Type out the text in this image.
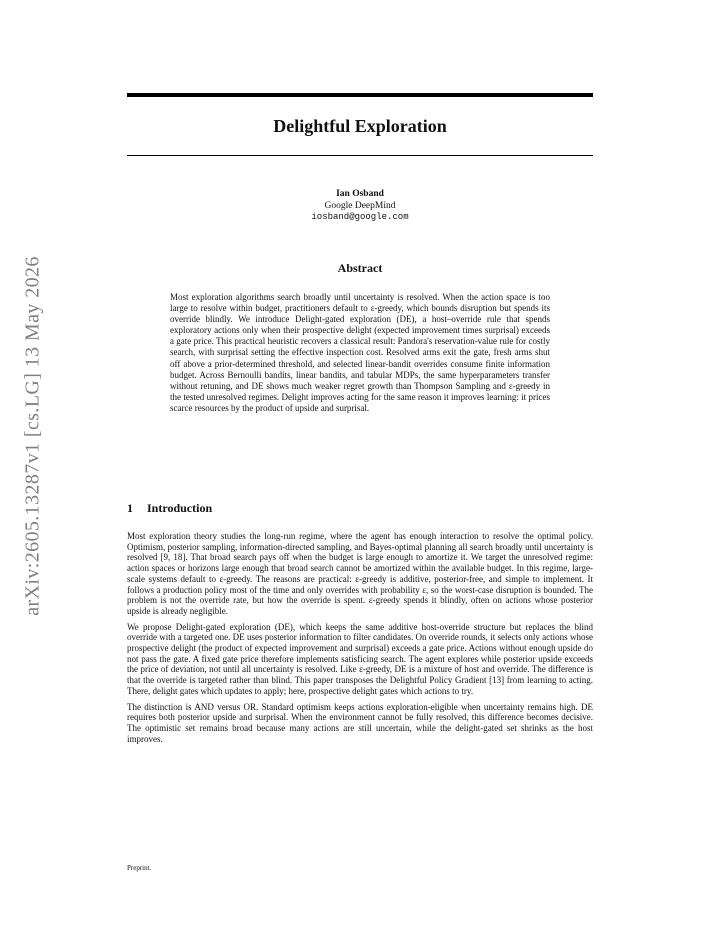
arXiv:2605.13287v1 [cs.LG] 13 May 2026
Delightful Exploration
Ian Osband
Google DeepMind
iosband@google.com
Abstract

Most exploration algorithms search broadly until uncertainty is resolved. When the action space is too large to resolve within budget, practitioners default to ε-greedy, which bounds disruption but spends its override blindly. We introduce Delight-gated exploration (DE), a host–override rule that spends exploratory actions only when their prospective delight (expected improvement times surprisal) exceeds a gate price. This practical heuristic recovers a classical result: Pandora's reservation-value rule for costly search, with surprisal setting the effective inspection cost. Resolved arms exit the gate, fresh arms shut off above a prior-determined threshold, and selected linear-bandit overrides consume finite information budget. Across Bernoulli bandits, linear bandits, and tabular MDPs, the same hyperparameters transfer without retuning, and DE shows much weaker regret growth than Thompson Sampling and ε-greedy in the tested unresolved regimes. Delight improves acting for the same reason it improves learning: it prices scarce resources by the product of upside and surprisal.

1 Introduction

Most exploration theory studies the long-run regime, where the agent has enough interaction to resolve the optimal policy. Optimism, posterior sampling, information-directed sampling, and Bayes-optimal planning all search broadly until uncertainty is resolved [9, 18]. That broad search pays off when the budget is large enough to amortize it. We target the unresolved regime: action spaces or horizons large enough that broad search cannot be amortized within the available budget. In this regime, large-scale systems default to ε-greedy. The reasons are practical: ε-greedy is additive, posterior-free, and simple to implement. It follows a production policy most of the time and only overrides with probability ε, so the worst-case disruption is bounded. The problem is not the override rate, but how the override is spent. ε-greedy spends it blindly, often on actions whose posterior upside is already negligible.

We propose Delight-gated exploration (DE), which keeps the same additive host-override structure but replaces the blind override with a targeted one. DE uses posterior information to filter candidates. On override rounds, it selects only actions whose prospective delight (the product of expected improvement and surprisal) exceeds a gate price. Actions without enough upside do not pass the gate. A fixed gate price therefore implements satisficing search. The agent explores while posterior upside exceeds the price of deviation, not until all uncertainty is resolved. Like ε-greedy, DE is a mixture of host and override. The difference is that the override is targeted rather than blind. This paper transposes the Delightful Policy Gradient [13] from learning to acting. There, delight gates which updates to apply; here, prospective delight gates which actions to try.

The distinction is AND versus OR. Standard optimism keeps actions exploration-eligible when uncertainty remains high. DE requires both posterior upside and surprisal. When the environment cannot be fully resolved, this difference becomes decisive. The optimistic set remains broad because many actions are still uncertain, while the delight-gated set shrinks as the host improves.

Preprint.
